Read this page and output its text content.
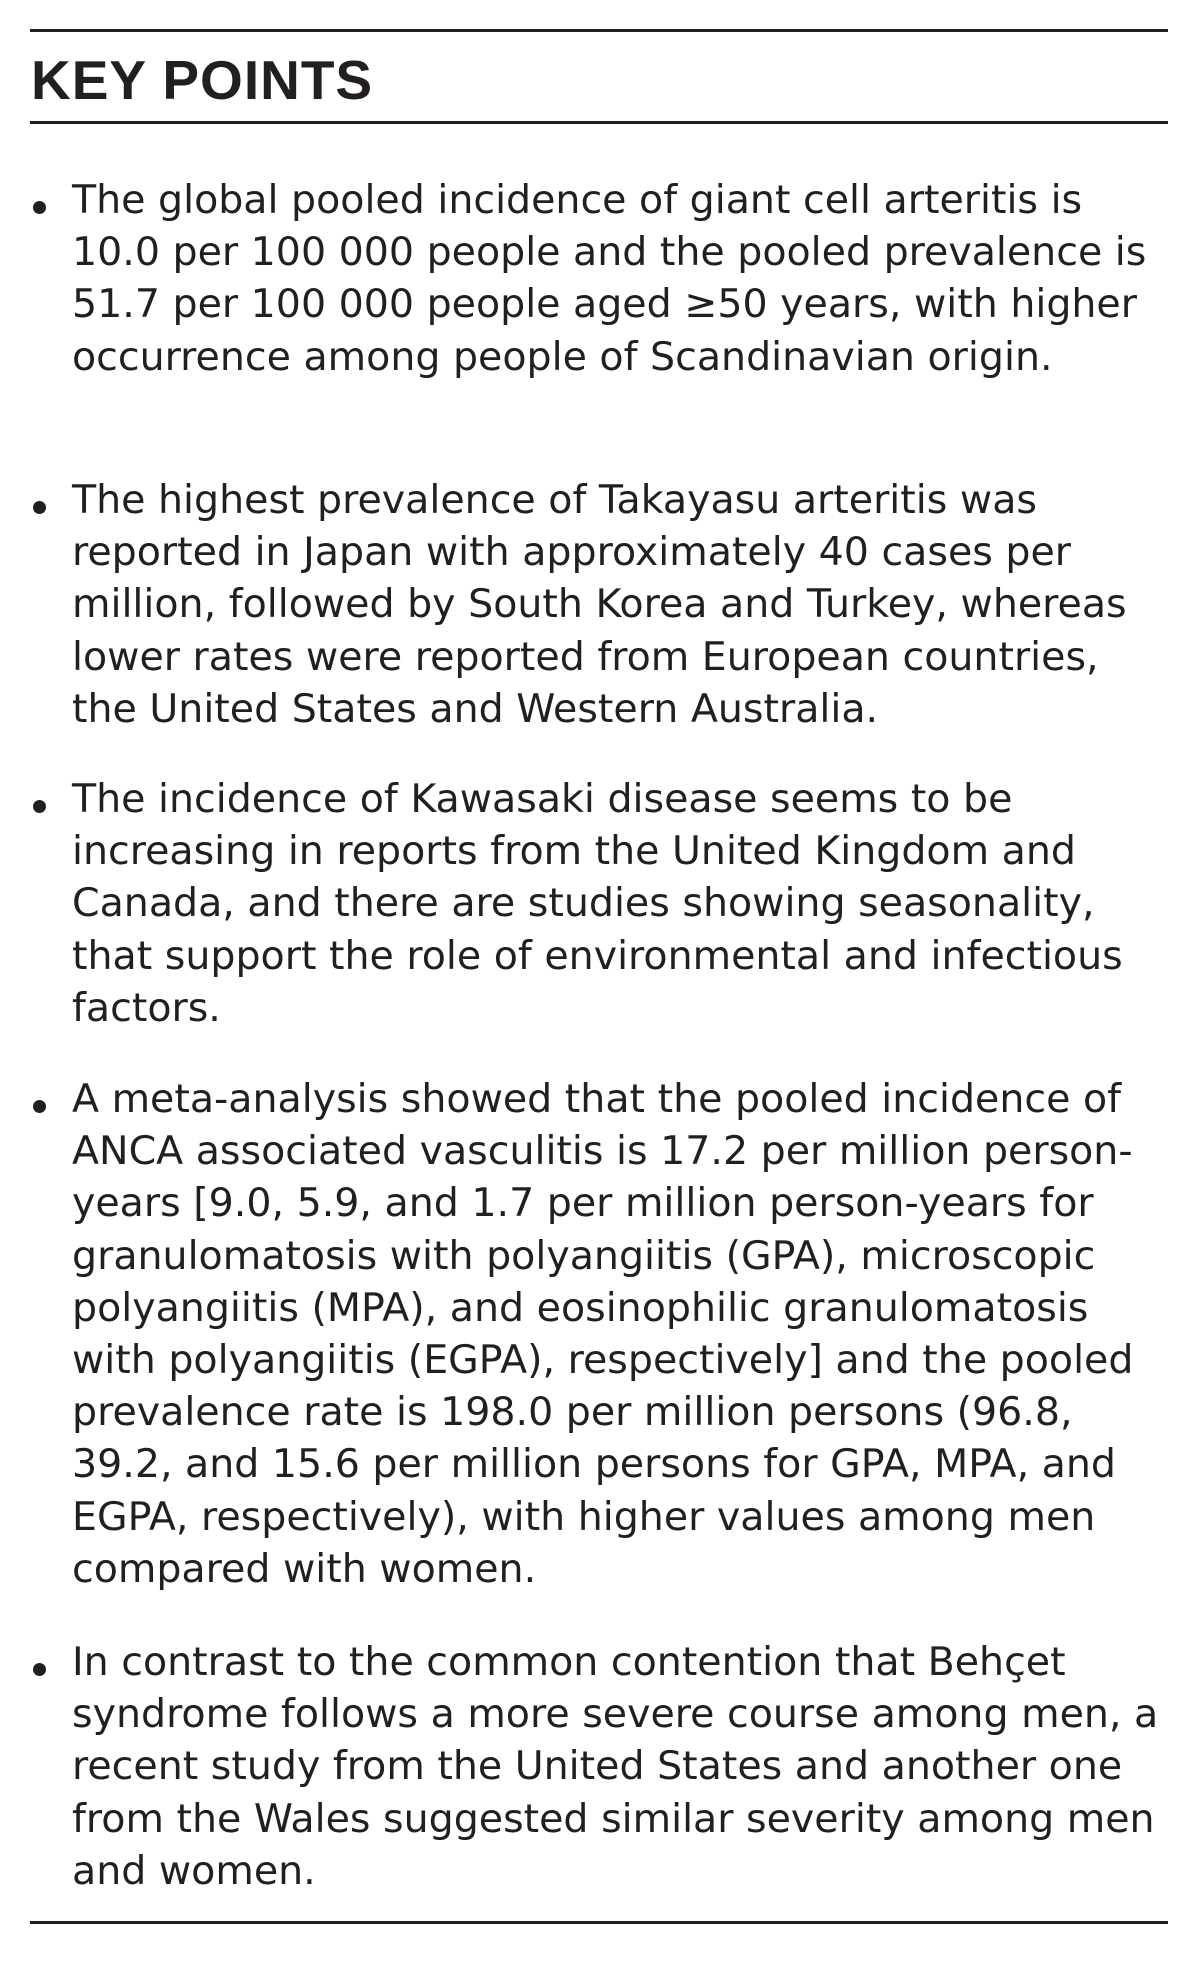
KEY POINTS

The global pooled incidence of giant cell arteritis is 10.0 per 100 000 people and the pooled prevalence is 51.7 per 100 000 people aged ≥50 years, with higher occurrence among people of Scandinavian origin.

The highest prevalence of Takayasu arteritis was reported in Japan with approximately 40 cases per million, followed by South Korea and Turkey, whereas lower rates were reported from European countries, the United States and Western Australia.

The incidence of Kawasaki disease seems to be increasing in reports from the United Kingdom and Canada, and there are studies showing seasonality, that support the role of environmental and infectious factors.

A meta-analysis showed that the pooled incidence of ANCA associated vasculitis is 17.2 per million person-years [9.0, 5.9, and 1.7 per million person-years for granulomatosis with polyangiitis (GPA), microscopic polyangiitis (MPA), and eosinophilic granulomatosis with polyangiitis (EGPA), respectively] and the pooled prevalence rate is 198.0 per million persons (96.8, 39.2, and 15.6 per million persons for GPA, MPA, and EGPA, respectively), with higher values among men compared with women.

In contrast to the common contention that Behçet syndrome follows a more severe course among men, a recent study from the United States and another one from the Wales suggested similar severity among men and women.
